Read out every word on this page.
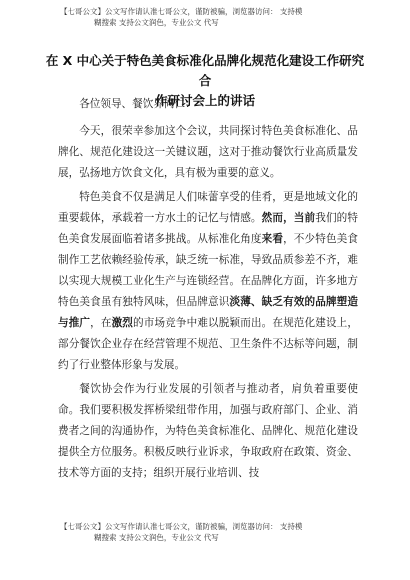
【七哥公文】公文写作请认准七哥公文，谨防被骗，浏览器访问： 支持模
糊搜索 支持公文润色，专业公文 代写
在 X 中心关于特色美食标准化品牌化规范化建设工作研究合
作研讨会上的讲话

各位领导、餐饮界同仁：

今天，很荣幸参加这个会议，共同探讨特色美食标准化、品牌化、规范化建设这一关键议题，这对于推动餐饮行业高质量发展，弘扬地方饮食文化，具有极为重要的意义。

特色美食不仅是满足人们味蕾享受的佳肴，更是地域文化的重要载体，承载着一方水土的记忆与情感。然而，当前我们的特色美食发展面临着诸多挑战。从标准化角度来看，不少特色美食制作工艺依赖经验传承，缺乏统一标准，导致品质参差不齐，难以实现大规模工业化生产与连锁经营。在品牌化方面，许多地方特色美食虽有独特风味，但品牌意识淡薄、缺乏有效的品牌塑造与推广，在激烈的市场竞争中难以脱颖而出。在规范化建设上，部分餐饮企业存在经营管理不规范、卫生条件不达标等问题，制约了行业整体形象与发展。

餐饮协会作为行业发展的引领者与推动者，肩负着重要使命。我们要积极发挥桥梁纽带作用，加强与政府部门、企业、消费者之间的沟通协作，为特色美食标准化、品牌化、规范化建设提供全方位服务。积极反映行业诉求，争取政府在政策、资金、技术等方面的支持；组织开展行业培训、技

【七哥公文】公文写作请认准七哥公文，谨防被骗，浏览器访问： 支持模
糊搜索 支持公文润色，专业公文 代写
